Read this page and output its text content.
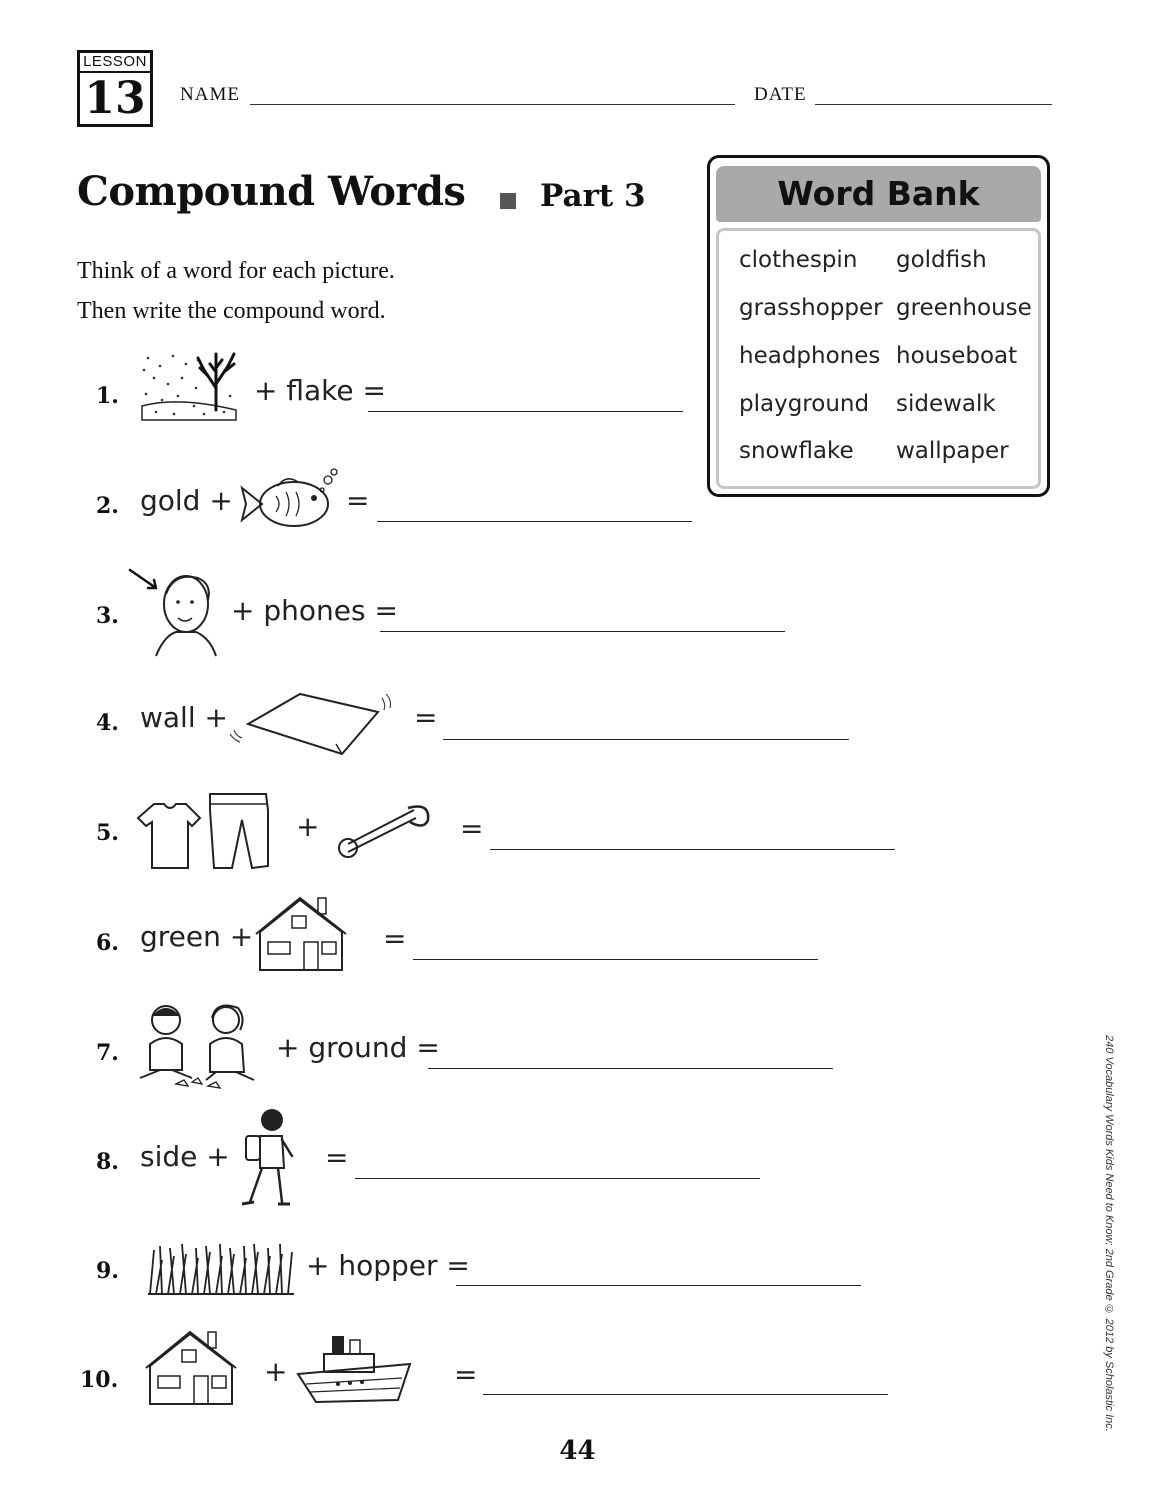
LESSON
13 NAME	DATE
Compound Words Part 3
Think of a word for each picture.
Then write the compound word.
Word Bank
clothespin goldfish
grasshopper greenhouse
headphones houseboat
playground sidewalk
snowflake wallpaper
1.	+ flake =
2. gold +	=
3.	+ phones =
4. wall +	=
5.	+	=
6. green +	=
7.	+ ground =
8. side +	=
9.	+ hopper =
10.	+	=
44
240 Vocabulary Words Kids Need to Know: 2nd Grade © 2012 by Scholastic Inc.
